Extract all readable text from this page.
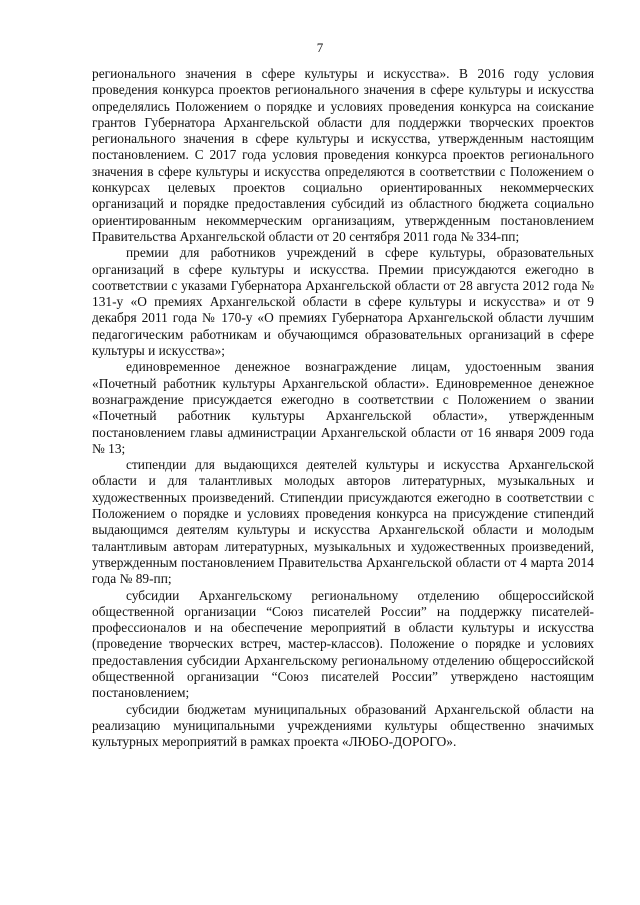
7

регионального значения в сфере культуры и искусства». В 2016 году условия проведения конкурса проектов регионального значения в сфере культуры и искусства определялись Положением о порядке и условиях проведения конкурса на соискание грантов Губернатора Архангельской области для поддержки творческих проектов регионального значения в сфере культуры и искусства, утвержденным настоящим постановлением. С 2017 года условия проведения конкурса проектов регионального значения в сфере культуры и искусства определяются в соответствии с Положением о конкурсах целевых проектов социально ориентированных некоммерческих организаций и порядке предоставления субсидий из областного бюджета социально ориентированным некоммерческим организациям, утвержденным постановлением Правительства Архангельской области от 20 сентября 2011 года № 334-пп;

премии для работников учреждений в сфере культуры, образовательных организаций в сфере культуры и искусства. Премии присуждаются ежегодно в соответствии с указами Губернатора Архангельской области от 28 августа 2012 года № 131-у «О премиях Архангельской области в сфере культуры и искусства» и от 9 декабря 2011 года № 170-у «О премиях Губернатора Архангельской области лучшим педагогическим работникам и обучающимся образовательных организаций в сфере культуры и искусства»;

единовременное денежное вознаграждение лицам, удостоенным звания «Почетный работник культуры Архангельской области». Единовременное денежное вознаграждение присуждается ежегодно в соответствии с Положением о звании «Почетный работник культуры Архангельской области», утвержденным постановлением главы администрации Архангельской области от 16 января 2009 года № 13;

стипендии для выдающихся деятелей культуры и искусства Архангельской области и для талантливых молодых авторов литературных, музыкальных и художественных произведений. Стипендии присуждаются ежегодно в соответствии с Положением о порядке и условиях проведения конкурса на присуждение стипендий выдающимся деятелям культуры и искусства Архангельской области и молодым талантливым авторам литературных, музыкальных и художественных произведений, утвержденным постановлением Правительства Архангельской области от 4 марта 2014 года № 89-пп;

субсидии Архангельскому региональному отделению общероссийской общественной организации “Союз писателей России” на поддержку писателей-профессионалов и на обеспечение мероприятий в области культуры и искусства (проведение творческих встреч, мастер-классов). Положение о порядке и условиях предоставления субсидии Архангельскому региональному отделению общероссийской общественной организации “Союз писателей России” утверждено настоящим постановлением;

субсидии бюджетам муниципальных образований Архангельской области на реализацию муниципальными учреждениями культуры общественно значимых культурных мероприятий в рамках проекта «ЛЮБО-ДОРОГО».
